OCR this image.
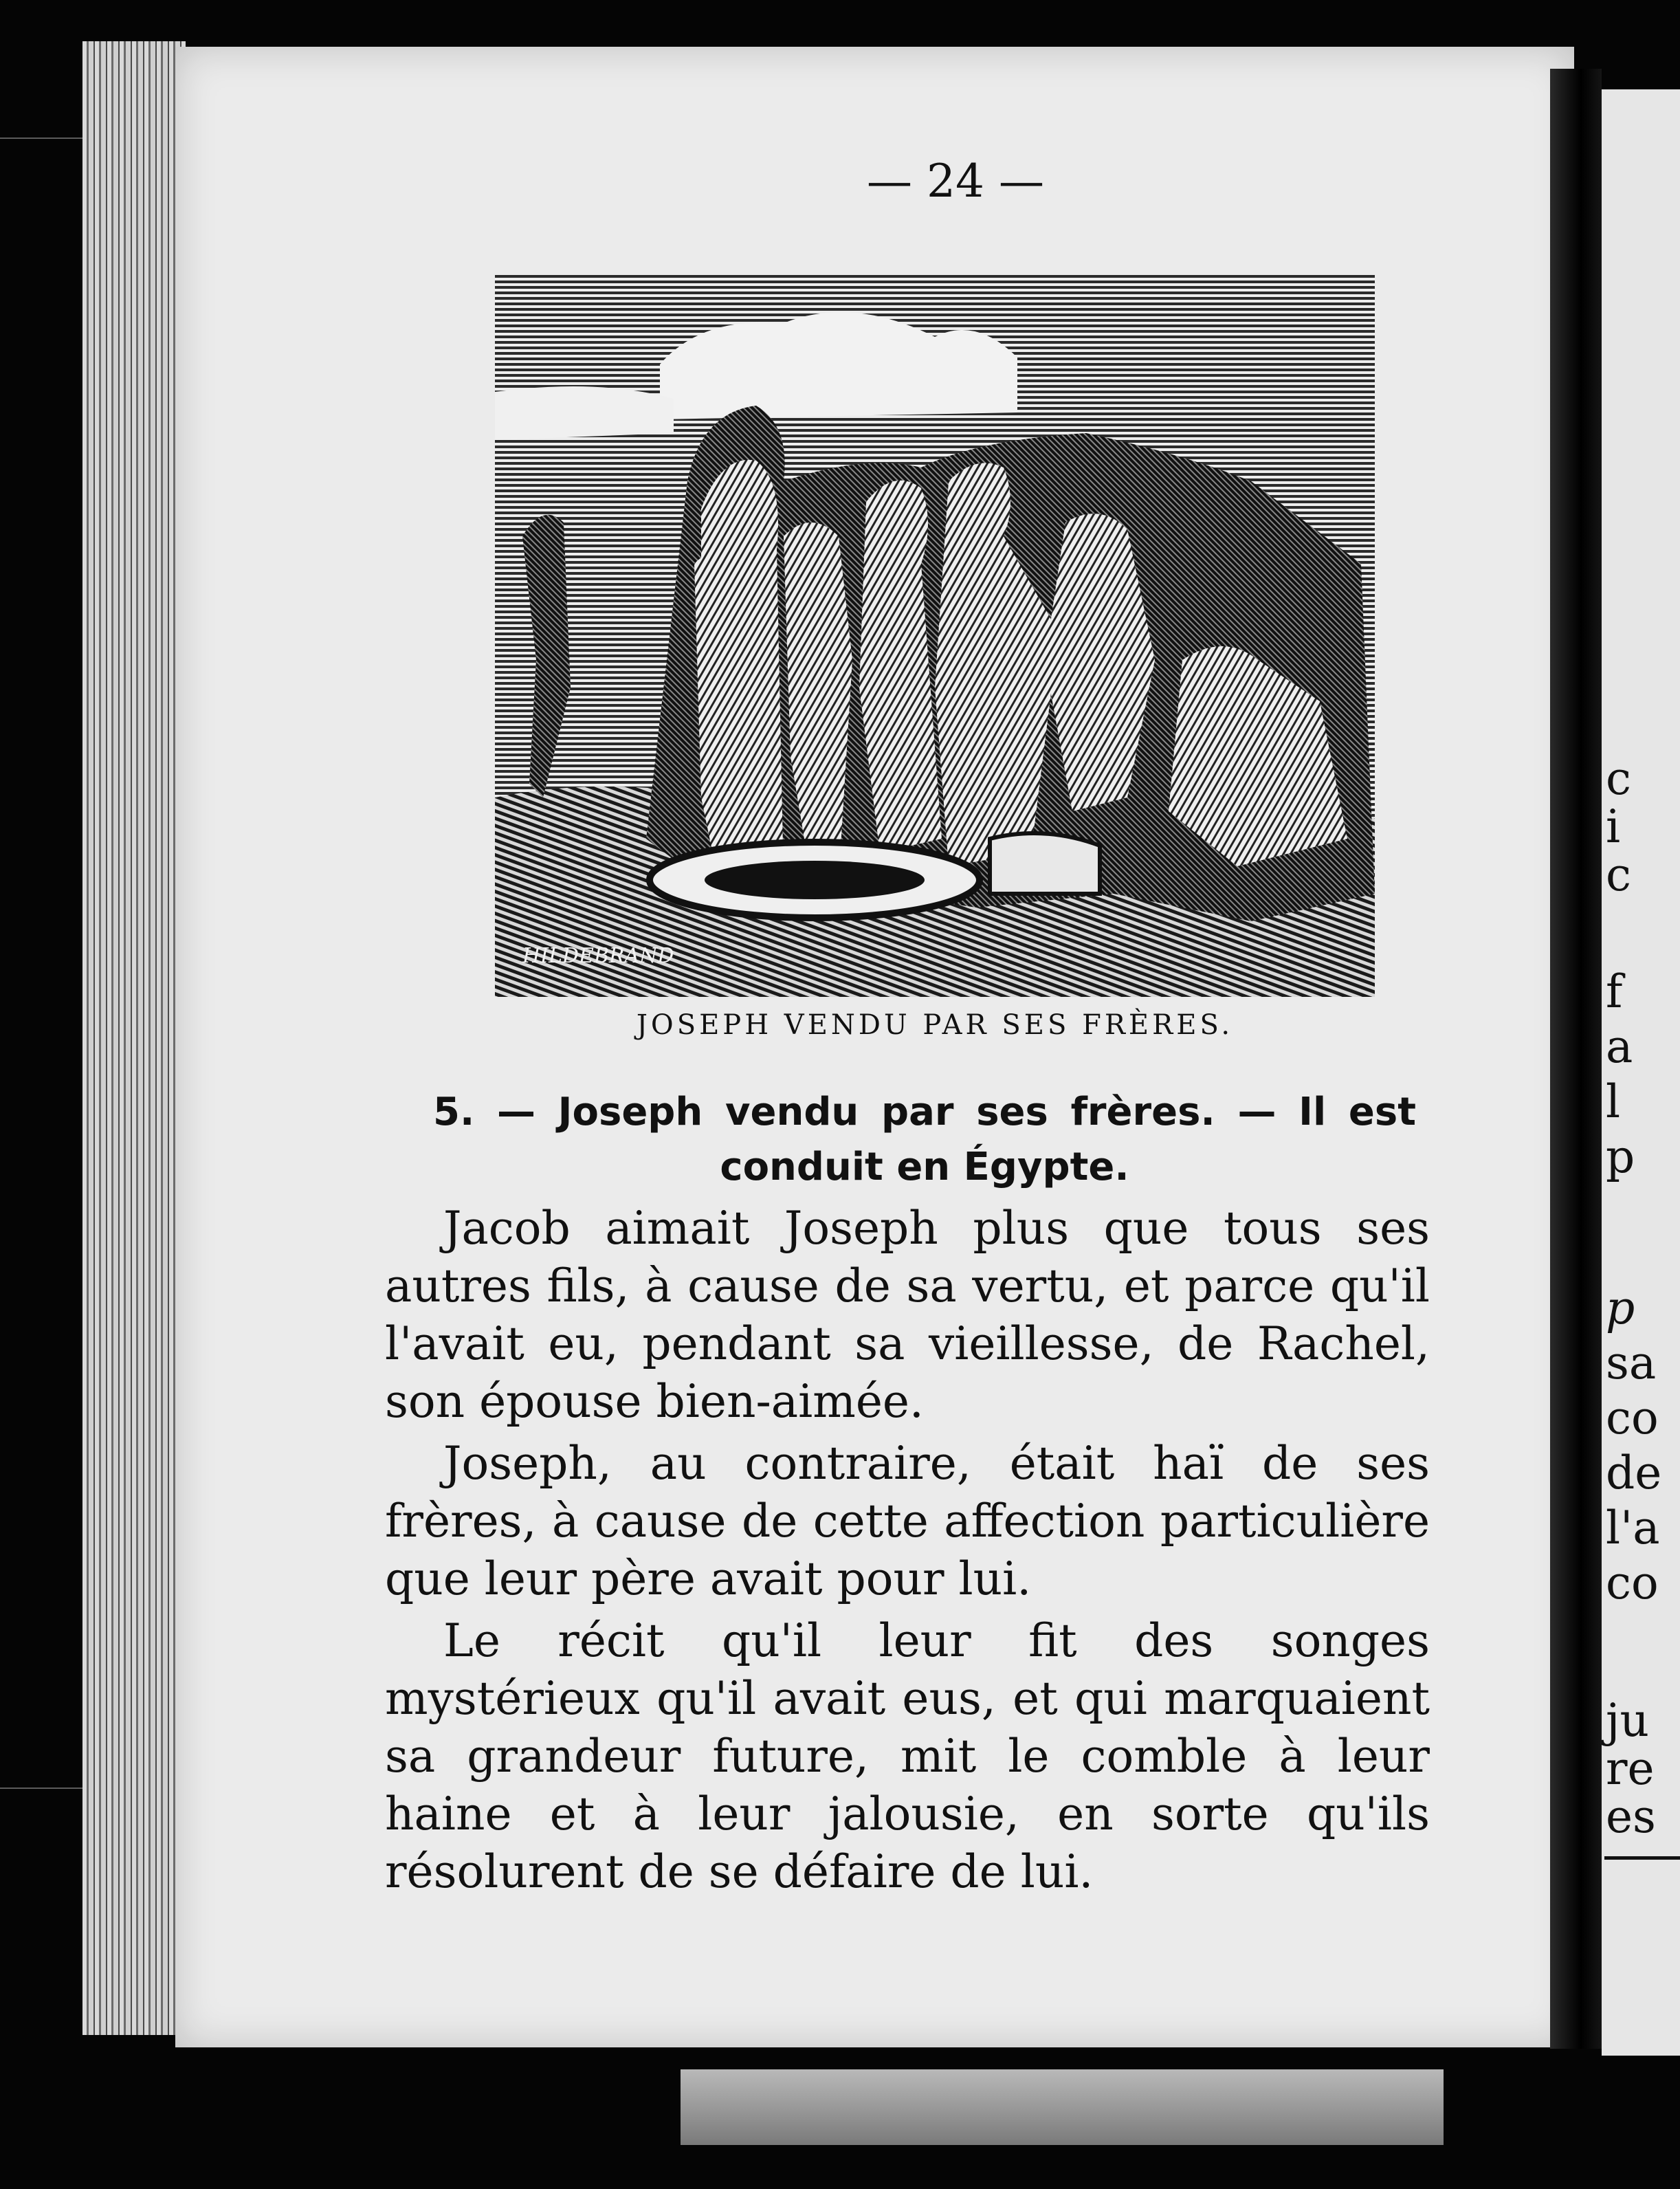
c
i
c
f
a
l
p
p
sa
co
de
l'a
co
ju
re
es
— 24 —
HILDEBRAND
JOSEPH VENDU PAR SES FRÈRES.
5. — Joseph vendu par ses frères. — Il est
conduit en Égypte.

Jacob aimait Joseph plus que tous ses autres fils, à cause de sa vertu, et parce qu'il l'avait eu, pendant sa vieillesse, de Rachel, son épouse bien-aimée.

Joseph, au contraire, était haï de ses frères, à cause de cette affection particulière que leur père avait pour lui.

Le récit qu'il leur fit des songes mystérieux qu'il avait eus, et qui marquaient sa grandeur future, mit le comble à leur haine et à leur jalousie, en sorte qu'ils résolurent de se défaire de lui.
